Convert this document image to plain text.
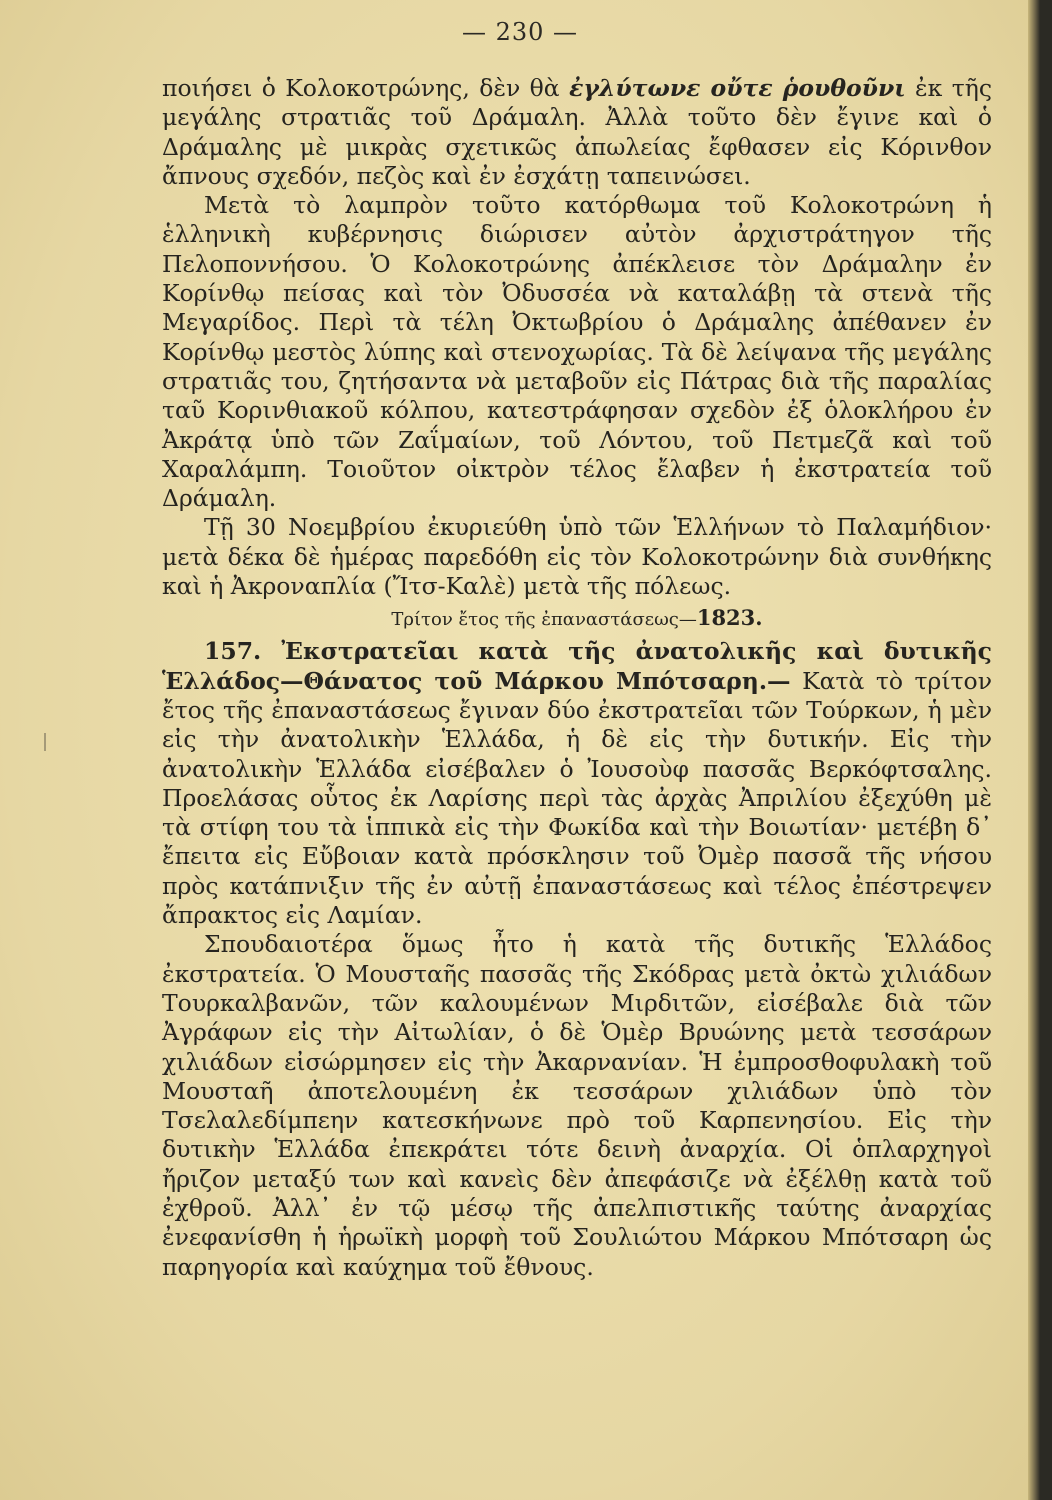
— 230 —

ποιήσει ὁ Κολοκοτρώνης, δὲν θὰ ἐγλύτωνε οὔτε ῥουθοῦνι ἐκ τῆς μεγάλης στρατιᾶς τοῦ Δράμαλη. Ἀλλὰ τοῦτο δὲν ἔγινε καὶ ὁ Δράμαλης μὲ μικρὰς σχετικῶς ἀπωλείας ἔφθασεν εἰς Κόρινθον ἄπνους σχεδόν, πεζὸς καὶ ἐν ἐσχάτῃ ταπεινώσει.

Μετὰ τὸ λαμπρὸν τοῦτο κατόρθωμα τοῦ Κολοκοτρώνη ἡ ἑλληνικὴ κυβέρνησις διώρισεν αὐτὸν ἀρχιστράτηγον τῆς Πελοποννήσου. Ὁ Κολοκοτρώνης ἀπέκλεισε τὸν Δράμαλην ἐν Κορίνθῳ πείσας καὶ τὸν Ὀδυσσέα νὰ καταλάβῃ τὰ στενὰ τῆς Μεγαρίδος. Περὶ τὰ τέλη Ὀκτωβρίου ὁ Δράμαλης ἀπέθανεν ἐν Κορίνθῳ μεστὸς λύπης καὶ στενοχωρίας. Τὰ δὲ λείψανα τῆς μεγάλης στρατιᾶς του, ζητήσαντα νὰ μεταβοῦν εἰς Πάτρας διὰ τῆς παραλίας ταῦ Κορινθιακοῦ κόλπου, κατεστράφησαν σχεδὸν ἐξ ὁλοκλήρου ἐν Ἀκράτᾳ ὑπὸ τῶν Ζαΐμαίων, τοῦ Λόντου, τοῦ Πετμεζᾶ καὶ τοῦ Χαραλάμπη. Τοιοῦτον οἰκτρὸν τέλος ἔλαβεν ἡ ἐκστρατεία τοῦ Δράμαλη.

Τῇ 30 Νοεμβρίου ἐκυριεύθη ὑπὸ τῶν Ἑλλήνων τὸ Παλαμήδιον· μετὰ δέκα δὲ ἡμέρας παρεδόθη εἰς τὸν Κολοκοτρώνην διὰ συνθήκης καὶ ἡ Ἀκροναπλία (Ἴτσ-Καλὲ) μετὰ τῆς πόλεως.

Τρίτον ἔτος τῆς ἐπαναστάσεως—1823.

157. Ἐκστρατεῖαι κατὰ τῆς ἀνατολικῆς καὶ δυτικῆς Ἑλλάδος—Θάνατος τοῦ Μάρκου Μπότσαρη.— Κατὰ τὸ τρίτον ἔτος τῆς ἐπαναστάσεως ἔγιναν δύο ἐκστρατεῖαι τῶν Τούρκων, ἡ μὲν εἰς τὴν ἀνατολικὴν Ἑλλάδα, ἡ δὲ εἰς τὴν δυτικήν. Εἰς τὴν ἀνατολικὴν Ἑλλάδα εἰσέβαλεν ὁ Ἰουσοὺφ πασσᾶς Βερκόφτσαλης. Προελάσας οὗτος ἐκ Λαρίσης περὶ τὰς ἀρχὰς Ἀπριλίου ἐξεχύθη μὲ τὰ στίφη του τὰ ἱππικὰ εἰς τὴν Φωκίδα καὶ τὴν Βοιωτίαν· μετέβη δ᾽ ἔπειτα εἰς Εὔβοιαν κατὰ πρόσκλησιν τοῦ Ὀμὲρ πασσᾶ τῆς νήσου πρὸς κατάπνιξιν τῆς ἐν αὐτῇ ἐπαναστάσεως καὶ τέλος ἐπέστρεψεν ἄπρακτος εἰς Λαμίαν.

Σπουδαιοτέρα ὅμως ἦτο ἡ κατὰ τῆς δυτικῆς Ἑλλάδος ἐκστρατεία. Ὁ Μουσταῆς πασσᾶς τῆς Σκόδρας μετὰ ὀκτὼ χιλιάδων Τουρκαλβανῶν, τῶν καλουμένων Μιρδιτῶν, εἰσέβαλε διὰ τῶν Ἀγράφων εἰς τὴν Αἰτωλίαν, ὁ δὲ Ὁμὲρ Βρυώνης μετὰ τεσσάρων χιλιάδων εἰσώρμησεν εἰς τὴν Ἀκαρνανίαν. Ἡ ἐμπροσθοφυλακὴ τοῦ Μουσταῆ ἀποτελουμένη ἐκ τεσσάρων χιλιάδων ὑπὸ τὸν Τσελαλεδίμπεην κατεσκήνωνε πρὸ τοῦ Καρπενησίου. Εἰς τὴν δυτικὴν Ἑλλάδα ἐπεκράτει τότε δεινὴ ἀναρχία. Οἱ ὁπλαρχηγοὶ ἤριζον μεταξύ των καὶ κανεὶς δὲν ἀπεφάσιζε νὰ ἐξέλθῃ κατὰ τοῦ ἐχθροῦ. Ἀλλ᾽ ἐν τῷ μέσῳ τῆς ἀπελπιστικῆς ταύτης ἀναρχίας ἐνεφανίσθη ἡ ἡρωϊκὴ μορφὴ τοῦ Σουλιώτου Μάρκου Μπότσαρη ὡς παρηγορία καὶ καύχημα τοῦ ἔθνους.
